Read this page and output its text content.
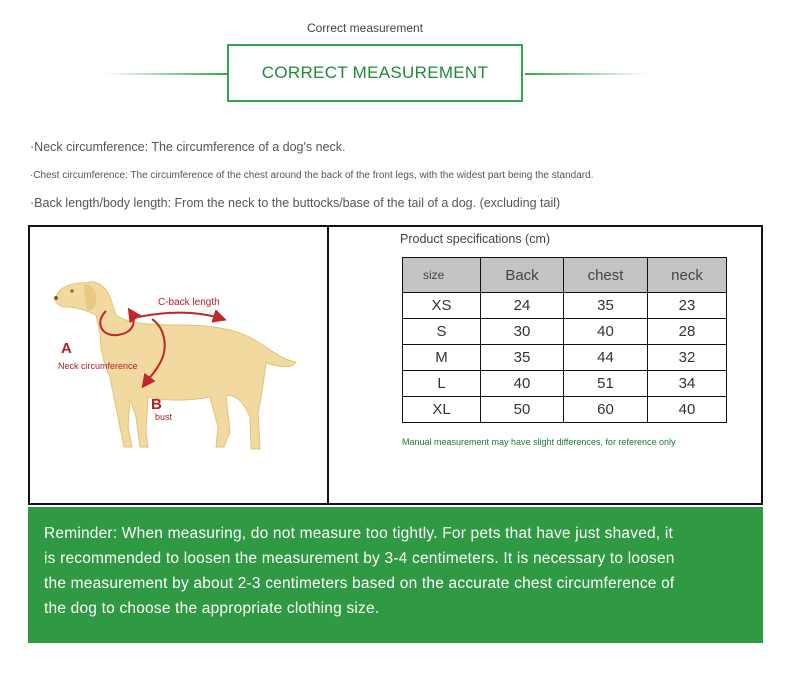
Correct measurement
CORRECT MEASUREMENT
·Neck circumference: The circumference of a dog's neck.
·Chest circumference: The circumference of the chest around the back of the front legs, with the widest part being the standard.
·Back length/body length: From the neck to the buttocks/base of the tail of a dog. (excluding tail)
A
Neck circumference
B
bust
C-back length
Product specifications (cm)
size	Back	chest	neck
XS	24	35	23
S	30	40	28
M	35	44	32
L	40	51	34
XL	50	60	40
Manual measurement may have slight differences, for reference only
Reminder: When measuring, do not measure too tightly. For pets that have just shaved, it
is recommended to loosen the measurement by 3-4 centimeters. It is necessary to loosen
the measurement by about 2-3 centimeters based on the accurate chest circumference of
the dog to choose the appropriate clothing size.
